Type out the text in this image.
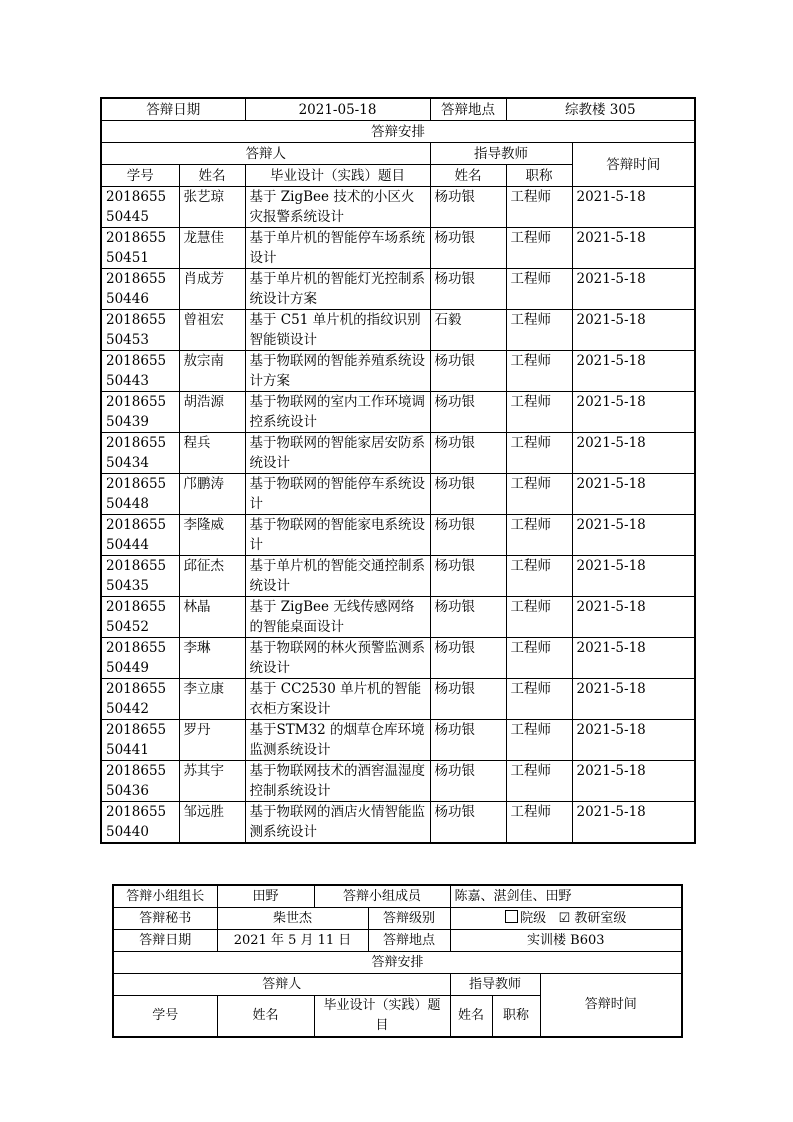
答辩日期		2021-05-18	答辩地点	综教楼 305	
答辩安排					
答辩人			指导教师		答辩时间
学号	姓名	毕业设计（实践）题目	姓名	职称	
201865550445	张艺琼	基于 ZigBee 技术的小区火灾报警系统设计	杨功银	工程师	2021-5-18
201865550451	龙慧佳	基于单片机的智能停车场系统设计	杨功银	工程师	2021-5-18
201865550446	肖成芳	基于单片机的智能灯光控制系统设计方案	杨功银	工程师	2021-5-18
201865550453	曾祖宏	基于 C51 单片机的指纹识别智能锁设计	石毅	工程师	2021-5-18
201865550443	敖宗南	基于物联网的智能养殖系统设计方案	杨功银	工程师	2021-5-18
201865550439	胡浩源	基于物联网的室内工作环境调控系统设计	杨功银	工程师	2021-5-18
201865550434	程兵	基于物联网的智能家居安防系统设计	杨功银	工程师	2021-5-18
201865550448	邝鹏涛	基于物联网的智能停车系统设计	杨功银	工程师	2021-5-18
201865550444	李隆威	基于物联网的智能家电系统设计	杨功银	工程师	2021-5-18
201865550435	邱征杰	基于单片机的智能交通控制系统设计	杨功银	工程师	2021-5-18
201865550452	林晶	基于 ZigBee 无线传感网络的智能桌面设计	杨功银	工程师	2021-5-18
201865550449	李琳	基于物联网的林火预警监测系统设计	杨功银	工程师	2021-5-18
201865550442	李立康	基于 CC2530 单片机的智能衣柜方案设计	杨功银	工程师	2021-5-18
201865550441	罗丹	基于STM32 的烟草仓库环境监测系统设计	杨功银	工程师	2021-5-18
201865550436	苏其宇	基于物联网技术的酒窖温湿度控制系统设计	杨功银	工程师	2021-5-18
201865550440	邹远胜	基于物联网的酒店火情智能监测系统设计	杨功银	工程师	2021-5-18
答辩小组组长	田野	答辩小组成员		陈嘉、湛剑佳、田野		
答辩秘书	柴世杰		答辩级别	院级 ☑ 教研室级		
答辩日期	2021 年 5 月 11 日		答辩地点	实训楼 B603		
答辩安排						
答辩人				指导教师		答辩时间
学号	姓名	毕业设计（实践）题目		姓名	职称	
